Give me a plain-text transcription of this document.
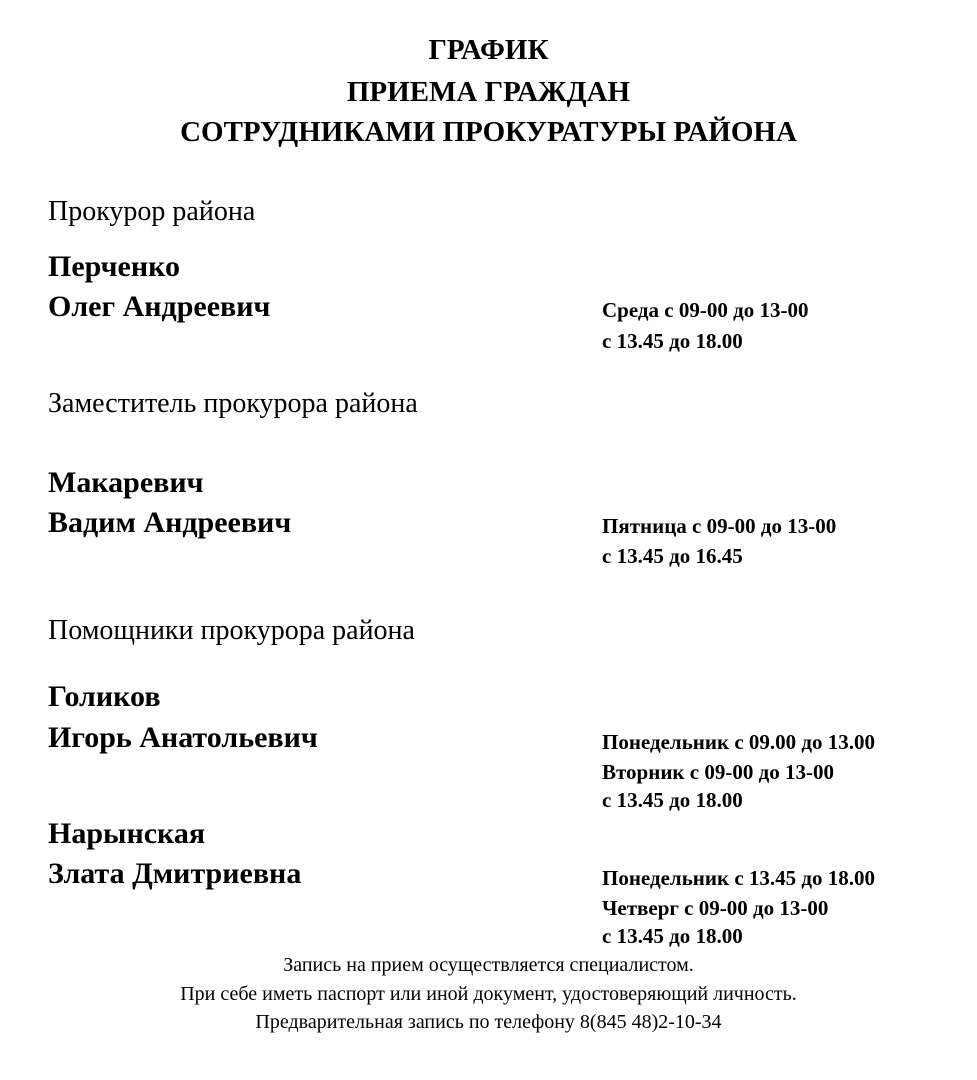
ГРАФИК
ПРИЕМА ГРАЖДАН
СОТРУДНИКАМИ ПРОКУРАТУРЫ РАЙОНА
Прокурор района
Перченко
Олег Андреевич	Среда с 09-00 до 13-00
с 13.45 до 18.00
Заместитель прокурора района
Макаревич
Вадим Андреевич	Пятница с 09-00 до 13-00
с 13.45 до 16.45
Помощники прокурора района
Голиков
Игорь Анатольевич	Понедельник с 09.00 до 13.00
Вторник с 09-00 до 13-00
с 13.45 до 18.00
Нарынская
Злата Дмитриевна	Понедельник с 13.45 до 18.00
Четверг с 09-00 до 13-00
с 13.45 до 18.00
Запись на прием осуществляется специалистом.
При себе иметь паспорт или иной документ, удостоверяющий личность.
Предварительная запись по телефону 8(845 48)2-10-34
